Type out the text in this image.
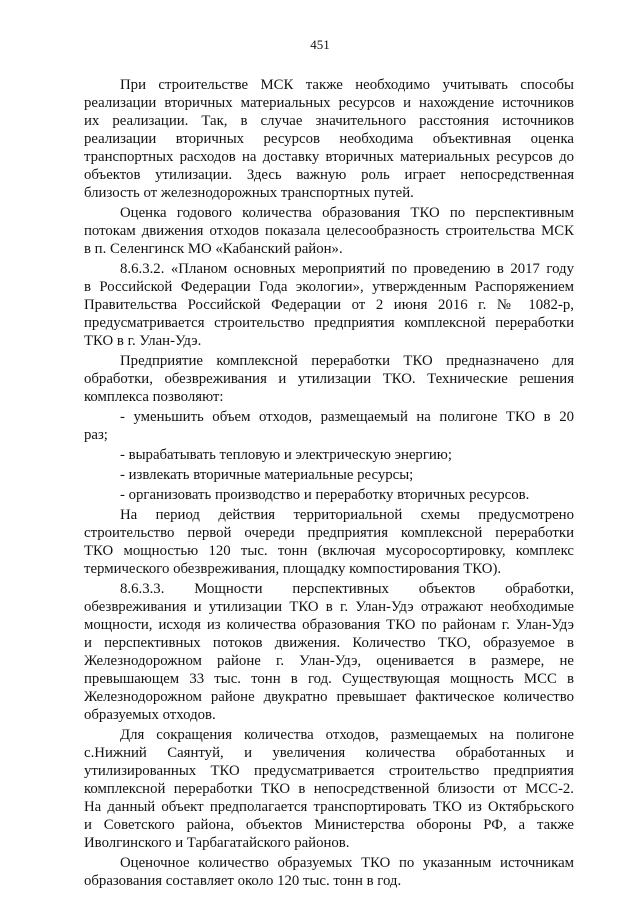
451

При строительстве МСК также необходимо учитывать способы
реализации вторичных материальных ресурсов и нахождение источников
их реализации. Так, в случае значительного расстояния источников
реализации вторичных ресурсов необходима объективная оценка
транспортных расходов на доставку вторичных материальных ресурсов до
объектов утилизации. Здесь важную роль играет непосредственная
близость от железнодорожных транспортных путей.

Оценка годового количества образования ТКО по перспективным
потокам движения отходов показала целесообразность строительства МСК
в п. Селенгинск МО «Кабанский район».

8.6.3.2. «Планом основных мероприятий по проведению в 2017 году
в Российской Федерации Года экологии», утвержденным Распоряжением
Правительства Российской Федерации от 2 июня 2016 г. № 1082-р,
предусматривается строительство предприятия комплексной переработки
ТКО в г. Улан-Удэ.

Предприятие комплексной переработки ТКО предназначено для
обработки, обезвреживания и утилизации ТКО. Технические решения
комплекса позволяют:

- уменьшить объем отходов, размещаемый на полигоне ТКО в 20
раз;

- вырабатывать тепловую и электрическую энергию;

- извлекать вторичные материальные ресурсы;

- организовать производство и переработку вторичных ресурсов.

На период действия территориальной схемы предусмотрено
строительство первой очереди предприятия комплексной переработки
ТКО мощностью 120 тыс. тонн (включая мусоросортировку, комплекс
термического обезвреживания, площадку компостирования ТКО).

8.6.3.3. Мощности перспективных объектов обработки,
обезвреживания и утилизации ТКО в г. Улан-Удэ отражают необходимые
мощности, исходя из количества образования ТКО по районам г. Улан-Удэ
и перспективных потоков движения. Количество ТКО, образуемое в
Железнодорожном районе г. Улан-Удэ, оценивается в размере, не
превышающем 33 тыс. тонн в год. Существующая мощность МСС в
Железнодорожном районе двукратно превышает фактическое количество
образуемых отходов.

Для сокращения количества отходов, размещаемых на полигоне
с.Нижний Саянтуй, и увеличения количества обработанных и
утилизированных ТКО предусматривается строительство предприятия
комплексной переработки ТКО в непосредственной близости от МСС-2.
На данный объект предполагается транспортировать ТКО из Октябрьского
и Советского района, объектов Министерства обороны РФ, а также
Иволгинского и Тарбагатайского районов.

Оценочное количество образуемых ТКО по указанным источникам
образования составляет около 120 тыс. тонн в год.
